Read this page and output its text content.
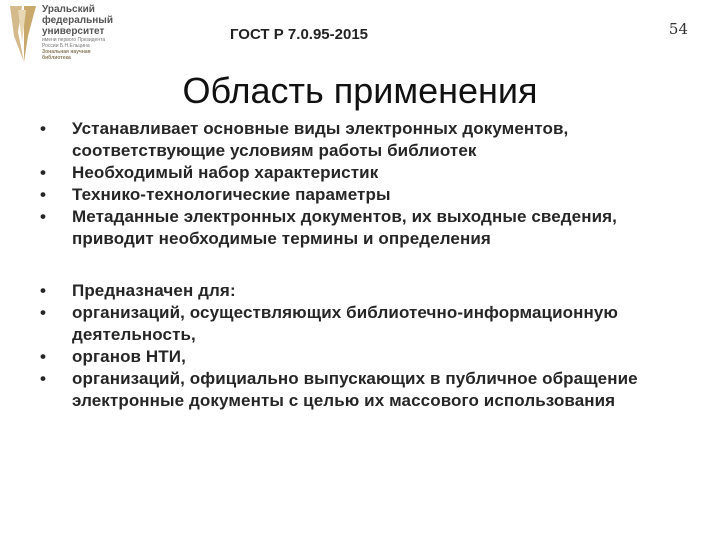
Уральский
федеральный
университет
имени первого Президента
России Б.Н.Ельцина
Зональная научная
библиотека
ГОСТ Р 7.0.95-2015	54
Область применения
• Устанавливает основные виды электронных документов, соответствующие условиям работы библиотек
• Необходимый набор характеристик
• Технико-технологические параметры
• Метаданные электронных документов, их выходные сведения, приводит необходимые термины и определения
• Предназначен для:
• организаций, осуществляющих библиотечно-информационную деятельность,
• органов НТИ,
• организаций, официально выпускающих в публичное обращение электронные документы с целью их массового использования
